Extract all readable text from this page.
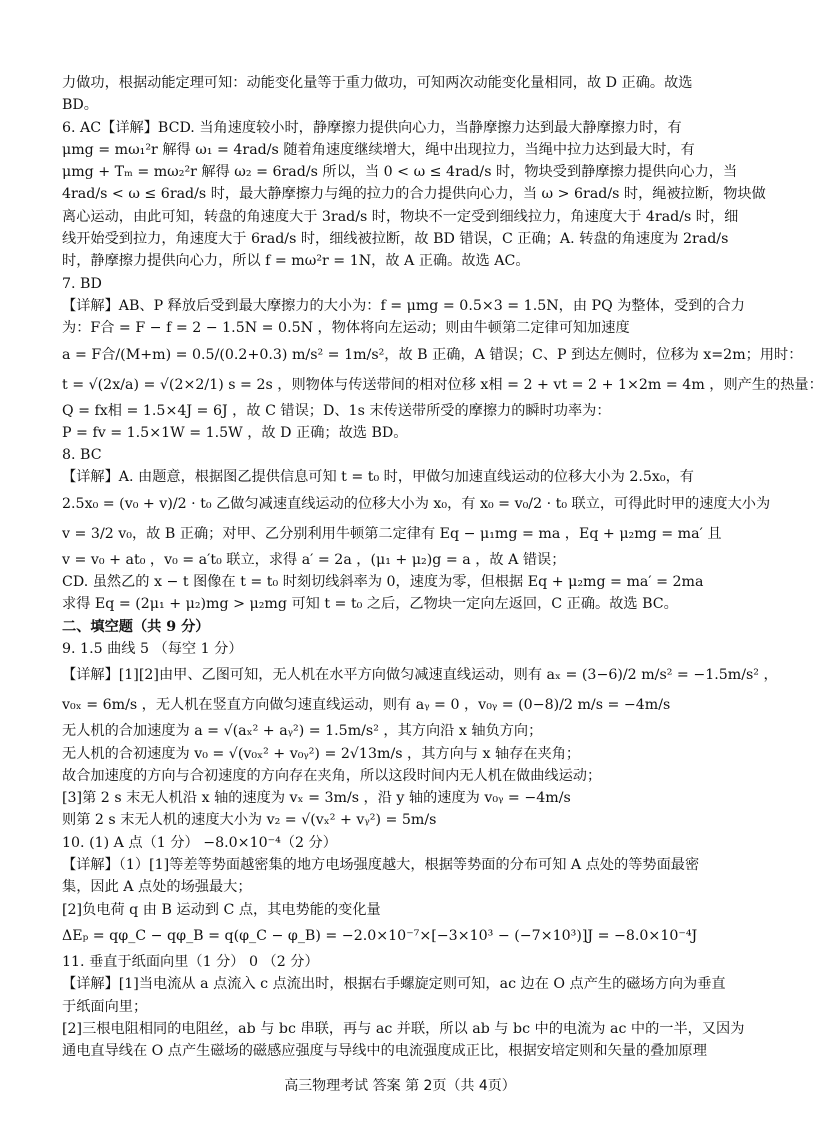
力做功，根据动能定理可知：动能变化量等于重力做功，可知两次动能变化量相同，故 D 正确。故选
BD。
6. AC【详解】BCD. 当角速度较小时，静摩擦力提供向心力，当静摩擦力达到最大静摩擦力时，有
μmg = mω₁²r 解得 ω₁ = 4rad/s 随着角速度继续增大，绳中出现拉力，当绳中拉力达到最大时，有
μmg + Tₘ = mω₂²r 解得 ω₂ = 6rad/s 所以，当 0 < ω ≤ 4rad/s 时，物块受到静摩擦力提供向心力，当
4rad/s < ω ≤ 6rad/s 时，最大静摩擦力与绳的拉力的合力提供向心力，当 ω > 6rad/s 时，绳被拉断，物块做
离心运动，由此可知，转盘的角速度大于 3rad/s 时，物块不一定受到细线拉力，角速度大于 4rad/s 时，细
线开始受到拉力，角速度大于 6rad/s 时，细线被拉断，故 BD 错误，C 正确；A. 转盘的角速度为 2rad/s
时，静摩擦力提供向心力，所以 f = mω²r = 1N，故 A 正确。故选 AC。
7. BD
【详解】AB、P 释放后受到最大摩擦力的大小为：f = μmg = 0.5×3 = 1.5N，由 PQ 为整体，受到的合力
为：F合 = F − f = 2 − 1.5N = 0.5N ，物体将向左运动；则由牛顿第二定律可知加速度
a = F合/(M+m) = 0.5/(0.2+0.3) m/s² = 1m/s²，故 B 正确，A 错误；C、P 到达左侧时，位移为 x=2m；用时：
t = √(2x/a) = √(2×2/1) s = 2s ，则物体与传送带间的相对位移 x相 = 2 + vt = 2 + 1×2m = 4m ，则产生的热量：
Q = fx相 = 1.5×4J = 6J ，故 C 错误；D、1s 末传送带所受的摩擦力的瞬时功率为：
P = fv = 1.5×1W = 1.5W ，故 D 正确；故选 BD。
8. BC
【详解】A. 由题意，根据图乙提供信息可知 t = t₀ 时，甲做匀加速直线运动的位移大小为 2.5x₀，有
2.5x₀ = (v₀ + v)/2 · t₀ 乙做匀减速直线运动的位移大小为 x₀，有 x₀ = v₀/2 · t₀ 联立，可得此时甲的速度大小为
v = 3/2 v₀，故 B 正确；对甲、乙分别利用牛顿第二定律有 Eq − μ₁mg = ma ，Eq + μ₂mg = ma′ 且
v = v₀ + at₀ ，v₀ = a′t₀ 联立，求得 a′ = 2a ，(μ₁ + μ₂)g = a ，故 A 错误；
CD. 虽然乙的 x − t 图像在 t = t₀ 时刻切线斜率为 0，速度为零，但根据 Eq + μ₂mg = ma′ = 2ma
求得 Eq = (2μ₁ + μ₂)mg > μ₂mg 可知 t = t₀ 之后，乙物块一定向左返回，C 正确。故选 BC。
二、填空题（共 9 分）
9. 1.5 曲线 5 （每空 1 分）
【详解】[1][2]由甲、乙图可知，无人机在水平方向做匀减速直线运动，则有 aₓ = (3−6)/2 m/s² = −1.5m/s² ，
v₀ₓ = 6m/s ，无人机在竖直方向做匀速直线运动，则有 aᵧ = 0 ，v₀ᵧ = (0−8)/2 m/s = −4m/s
无人机的合加速度为 a = √(aₓ² + aᵧ²) = 1.5m/s² ，其方向沿 x 轴负方向；
无人机的合初速度为 v₀ = √(v₀ₓ² + v₀ᵧ²) = 2√13m/s ，其方向与 x 轴存在夹角；
故合加速度的方向与合初速度的方向存在夹角，所以这段时间内无人机在做曲线运动；
[3]第 2 s 末无人机沿 x 轴的速度为 vₓ = 3m/s ，沿 y 轴的速度为 v₀ᵧ = −4m/s
则第 2 s 末无人机的速度大小为 v₂ = √(vₓ² + vᵧ²) = 5m/s
10. (1) A 点（1 分） −8.0×10⁻⁴（2 分）
【详解】（1）[1]等差等势面越密集的地方电场强度越大，根据等势面的分布可知 A 点处的等势面最密
集，因此 A 点处的场强最大；
[2]负电荷 q 由 B 运动到 C 点，其电势能的变化量
ΔEₚ = qφ_C − qφ_B = q(φ_C − φ_B) = −2.0×10⁻⁷×[−3×10³ − (−7×10³)]J = −8.0×10⁻⁴J
11. 垂直于纸面向里（1 分） 0 （2 分）
【详解】[1]当电流从 a 点流入 c 点流出时，根据右手螺旋定则可知，ac 边在 O 点产生的磁场方向为垂直
于纸面向里；
[2]三根电阻相同的电阻丝，ab 与 bc 串联，再与 ac 并联，所以 ab 与 bc 中的电流为 ac 中的一半，又因为
通电直导线在 O 点产生磁场的磁感应强度与导线中的电流强度成正比，根据安培定则和矢量的叠加原理
高三物理考试 答案 第 2页（共 4页）
